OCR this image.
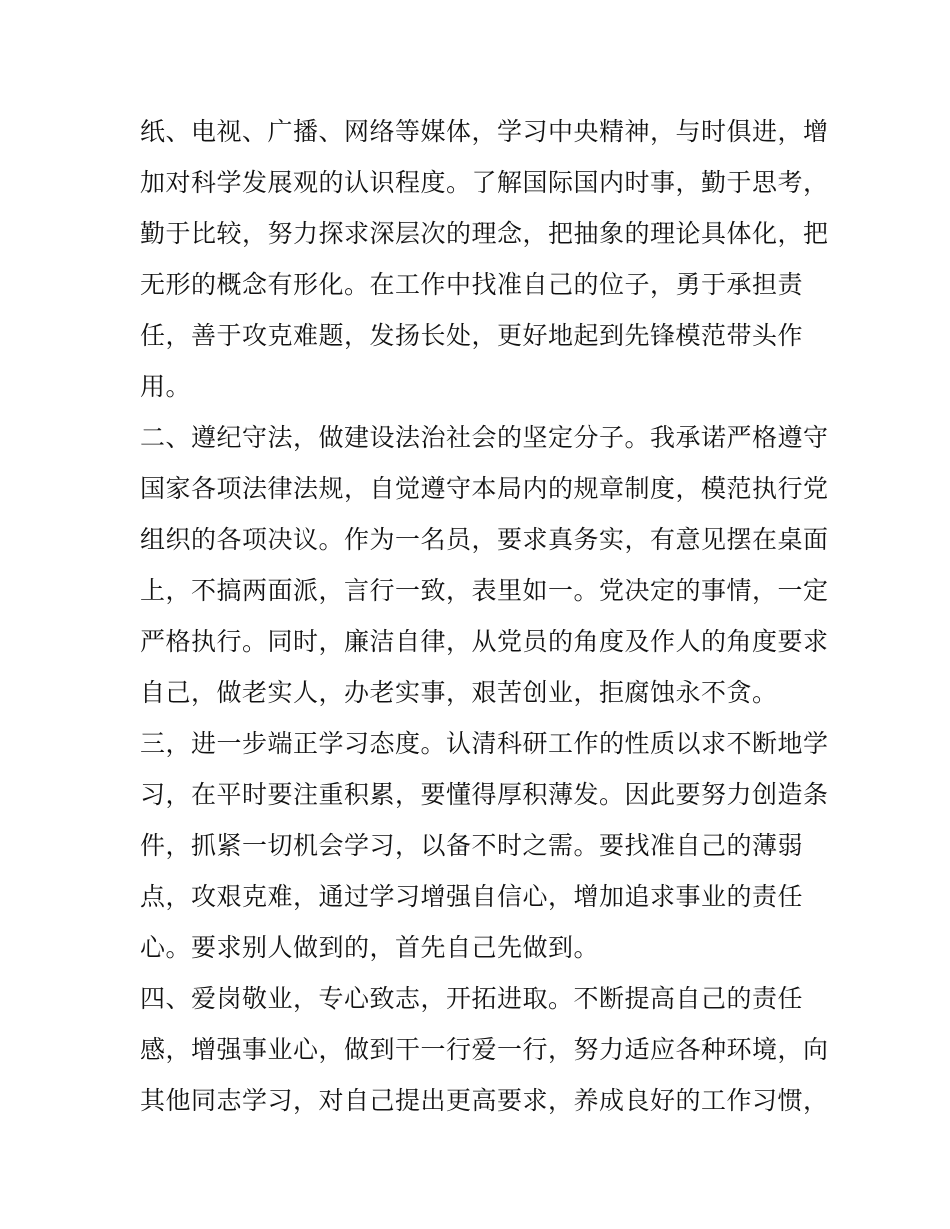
纸、电视、广播、网络等媒体，学习中央精神，与时俱进，增
加对科学发展观的认识程度。了解国际国内时事，勤于思考，
勤于比较，努力探求深层次的理念，把抽象的理论具体化，把
无形的概念有形化。在工作中找准自己的位子，勇于承担责
任，善于攻克难题，发扬长处，更好地起到先锋模范带头作
用。
二、遵纪守法，做建设法治社会的坚定分子。我承诺严格遵守
国家各项法律法规，自觉遵守本局内的规章制度，模范执行党
组织的各项决议。作为一名员，要求真务实，有意见摆在桌面
上，不搞两面派，言行一致，表里如一。党决定的事情，一定
严格执行。同时，廉洁自律，从党员的角度及作人的角度要求
自己，做老实人，办老实事，艰苦创业，拒腐蚀永不贪。
三，进一步端正学习态度。认清科研工作的性质以求不断地学
习，在平时要注重积累，要懂得厚积薄发。因此要努力创造条
件，抓紧一切机会学习，以备不时之需。要找准自己的薄弱
点，攻艰克难，通过学习增强自信心，增加追求事业的责任
心。要求别人做到的，首先自己先做到。
四、爱岗敬业，专心致志，开拓进取。不断提高自己的责任
感，增强事业心，做到干一行爱一行，努力适应各种环境，向
其他同志学习，对自己提出更高要求，养成良好的工作习惯，
